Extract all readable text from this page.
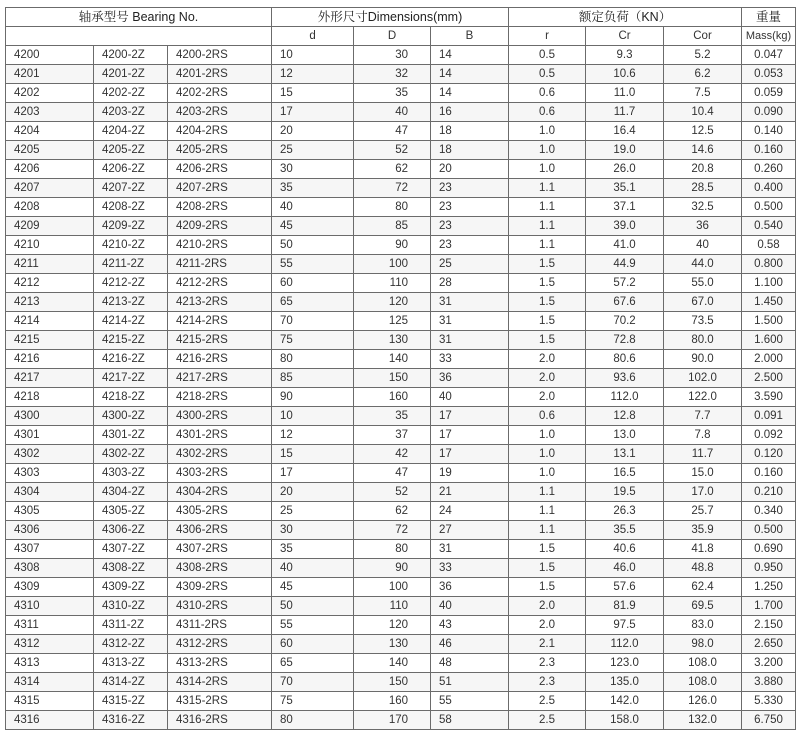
轴承型号 Bearing No.			外形尺寸Dimensions(mm)			额定负荷（KN）			重量
			d	D	B	r	Cr	Cor	Mass(kg)
4200	4200-2Z	4200-2RS	10	30	14	0.5	9.3	5.2	0.047
4201	4201-2Z	4201-2RS	12	32	14	0.5	10.6	6.2	0.053
4202	4202-2Z	4202-2RS	15	35	14	0.6	11.0	7.5	0.059
4203	4203-2Z	4203-2RS	17	40	16	0.6	11.7	10.4	0.090
4204	4204-2Z	4204-2RS	20	47	18	1.0	16.4	12.5	0.140
4205	4205-2Z	4205-2RS	25	52	18	1.0	19.0	14.6	0.160
4206	4206-2Z	4206-2RS	30	62	20	1.0	26.0	20.8	0.260
4207	4207-2Z	4207-2RS	35	72	23	1.1	35.1	28.5	0.400
4208	4208-2Z	4208-2RS	40	80	23	1.1	37.1	32.5	0.500
4209	4209-2Z	4209-2RS	45	85	23	1.1	39.0	36	0.540
4210	4210-2Z	4210-2RS	50	90	23	1.1	41.0	40	0.58
4211	4211-2Z	4211-2RS	55	100	25	1.5	44.9	44.0	0.800
4212	4212-2Z	4212-2RS	60	110	28	1.5	57.2	55.0	1.100
4213	4213-2Z	4213-2RS	65	120	31	1.5	67.6	67.0	1.450
4214	4214-2Z	4214-2RS	70	125	31	1.5	70.2	73.5	1.500
4215	4215-2Z	4215-2RS	75	130	31	1.5	72.8	80.0	1.600
4216	4216-2Z	4216-2RS	80	140	33	2.0	80.6	90.0	2.000
4217	4217-2Z	4217-2RS	85	150	36	2.0	93.6	102.0	2.500
4218	4218-2Z	4218-2RS	90	160	40	2.0	112.0	122.0	3.590
4300	4300-2Z	4300-2RS	10	35	17	0.6	12.8	7.7	0.091
4301	4301-2Z	4301-2RS	12	37	17	1.0	13.0	7.8	0.092
4302	4302-2Z	4302-2RS	15	42	17	1.0	13.1	11.7	0.120
4303	4303-2Z	4303-2RS	17	47	19	1.0	16.5	15.0	0.160
4304	4304-2Z	4304-2RS	20	52	21	1.1	19.5	17.0	0.210
4305	4305-2Z	4305-2RS	25	62	24	1.1	26.3	25.7	0.340
4306	4306-2Z	4306-2RS	30	72	27	1.1	35.5	35.9	0.500
4307	4307-2Z	4307-2RS	35	80	31	1.5	40.6	41.8	0.690
4308	4308-2Z	4308-2RS	40	90	33	1.5	46.0	48.8	0.950
4309	4309-2Z	4309-2RS	45	100	36	1.5	57.6	62.4	1.250
4310	4310-2Z	4310-2RS	50	110	40	2.0	81.9	69.5	1.700
4311	4311-2Z	4311-2RS	55	120	43	2.0	97.5	83.0	2.150
4312	4312-2Z	4312-2RS	60	130	46	2.1	112.0	98.0	2.650
4313	4313-2Z	4313-2RS	65	140	48	2.3	123.0	108.0	3.200
4314	4314-2Z	4314-2RS	70	150	51	2.3	135.0	108.0	3.880
4315	4315-2Z	4315-2RS	75	160	55	2.5	142.0	126.0	5.330
4316	4316-2Z	4316-2RS	80	170	58	2.5	158.0	132.0	6.750
